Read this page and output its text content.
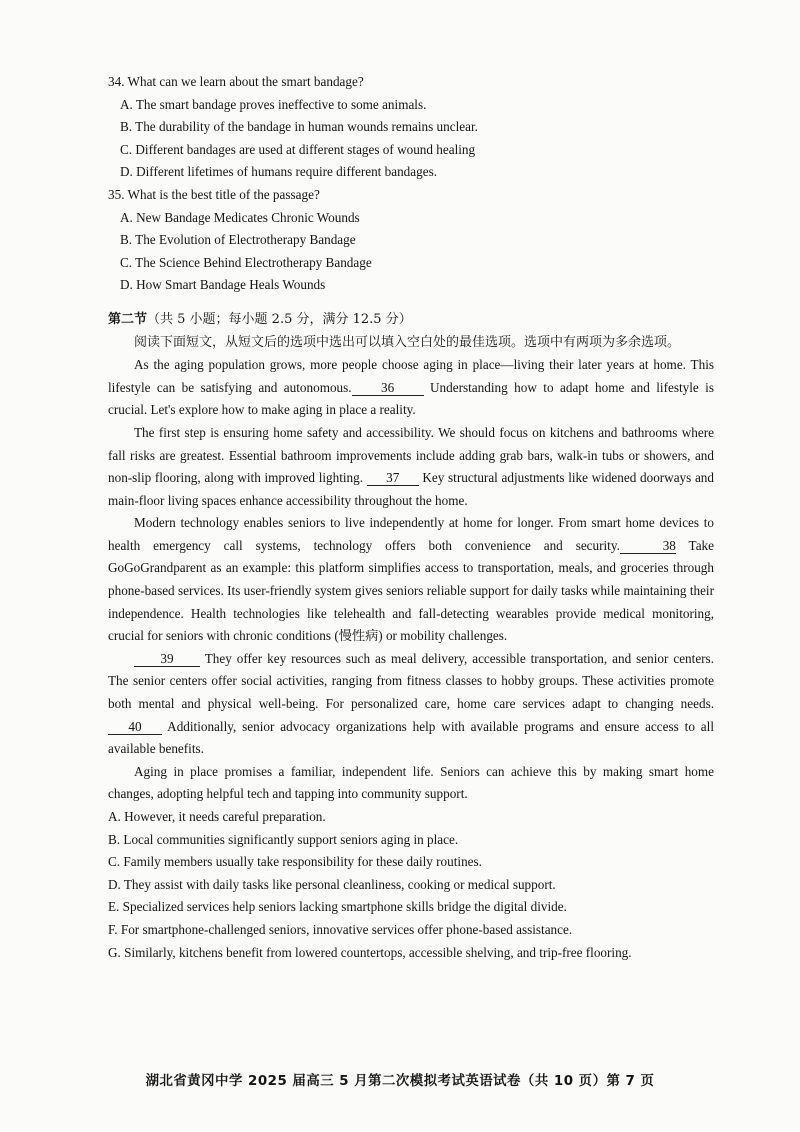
34. What can we learn about the smart bandage?

A. The smart bandage proves ineffective to some animals.

B. The durability of the bandage in human wounds remains unclear.

C. Different bandages are used at different stages of wound healing

D. Different lifetimes of humans require different bandages.

35. What is the best title of the passage?

A. New Bandage Medicates Chronic Wounds

B. The Evolution of Electrotherapy Bandage

C. The Science Behind Electrotherapy Bandage

D. How Smart Bandage Heals Wounds

第二节（共 5 小题；每小题 2.5 分，满分 12.5 分）

阅读下面短文，从短文后的选项中选出可以填入空白处的最佳选项。选项中有两项为多余选项。

As the aging population grows, more people choose aging in place—living their later years at home. This lifestyle can be satisfying and autonomous. 36 Understanding how to adapt home and lifestyle is crucial. Let's explore how to make aging in place a reality.

The first step is ensuring home safety and accessibility. We should focus on kitchens and bathrooms where fall risks are greatest. Essential bathroom improvements include adding grab bars, walk-in tubs or showers, and non-slip flooring, along with improved lighting. 37 Key structural adjustments like widened doorways and main-floor living spaces enhance accessibility throughout the home.

Modern technology enables seniors to live independently at home for longer. From smart home devices to health emergency call systems, technology offers both convenience and security.	38 Take GoGoGrandparent as an example: this platform simplifies access to transportation, meals, and groceries through phone-based services. Its user-friendly system gives seniors reliable support for daily tasks while maintaining their independence. Health technologies like telehealth and fall-detecting wearables provide medical monitoring, crucial for seniors with chronic conditions (慢性病) or mobility challenges.

39 They offer key resources such as meal delivery, accessible transportation, and senior centers. The senior centers offer social activities, ranging from fitness classes to hobby groups. These activities promote both mental and physical well-being. For personalized care, home care services adapt to changing needs. 40 Additionally, senior advocacy organizations help with available programs and ensure access to all available benefits.

Aging in place promises a familiar, independent life. Seniors can achieve this by making smart home changes, adopting helpful tech and tapping into community support.

A. However, it needs careful preparation.

B. Local communities significantly support seniors aging in place.

C. Family members usually take responsibility for these daily routines.

D. They assist with daily tasks like personal cleanliness, cooking or medical support.

E. Specialized services help seniors lacking smartphone skills bridge the digital divide.

F. For smartphone-challenged seniors, innovative services offer phone-based assistance.

G. Similarly, kitchens benefit from lowered countertops, accessible shelving, and trip-free flooring.

湖北省黄冈中学 2025 届高三 5 月第二次模拟考试英语试卷（共 10 页）第 7 页
